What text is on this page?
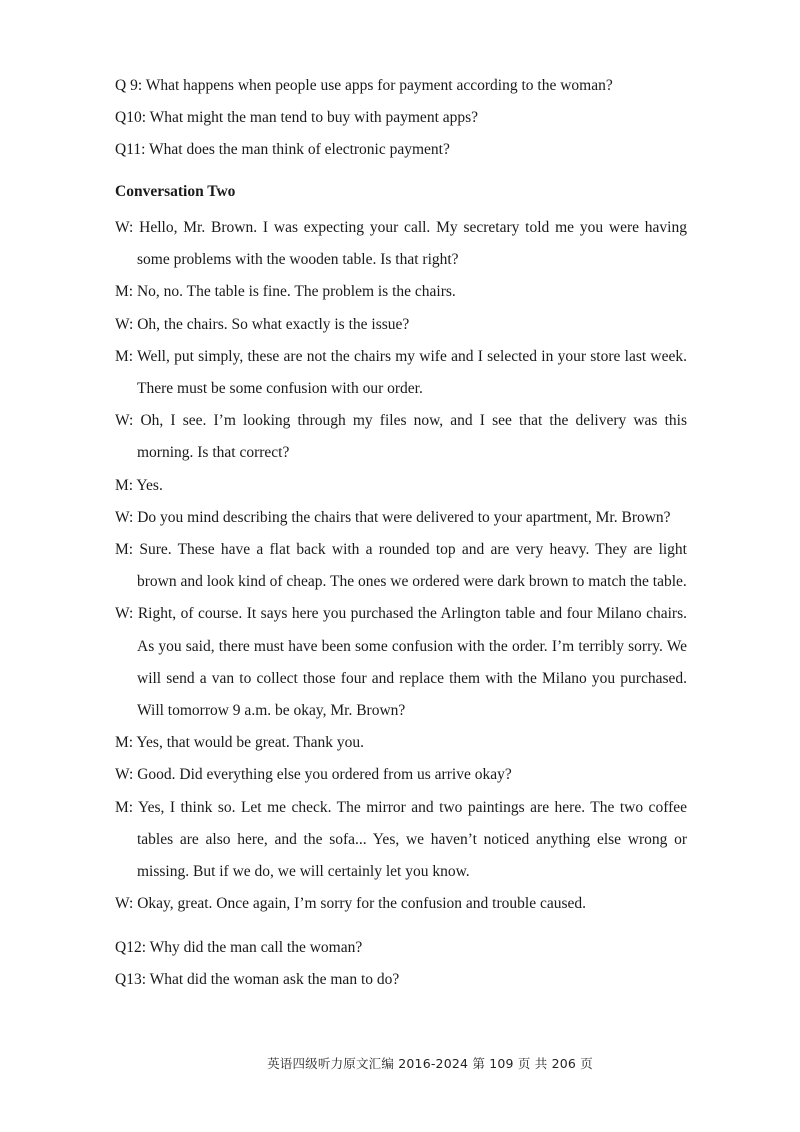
Q 9: What happens when people use apps for payment according to the woman?

Q10: What might the man tend to buy with payment apps?

Q11: What does the man think of electronic payment?

Conversation Two

W: Hello, Mr. Brown. I was expecting your call. My secretary told me you were having some problems with the wooden table. Is that right?

M: No, no. The table is fine. The problem is the chairs.

W: Oh, the chairs. So what exactly is the issue?

M: Well, put simply, these are not the chairs my wife and I selected in your store last week. There must be some confusion with our order.

W: Oh, I see. I’m looking through my files now, and I see that the delivery was this morning. Is that correct?

M: Yes.

W: Do you mind describing the chairs that were delivered to your apartment, Mr. Brown?

M: Sure. These have a flat back with a rounded top and are very heavy. They are light brown and look kind of cheap. The ones we ordered were dark brown to match the table.

W: Right, of course. It says here you purchased the Arlington table and four Milano chairs. As you said, there must have been some confusion with the order. I’m terribly sorry. We will send a van to collect those four and replace them with the Milano you purchased. Will tomorrow 9 a.m. be okay, Mr. Brown?

M: Yes, that would be great. Thank you.

W: Good. Did everything else you ordered from us arrive okay?

M: Yes, I think so. Let me check. The mirror and two paintings are here. The two coffee tables are also here, and the sofa... Yes, we haven’t noticed anything else wrong or missing. But if we do, we will certainly let you know.

W: Okay, great. Once again, I’m sorry for the confusion and trouble caused.

Q12: Why did the man call the woman?

Q13: What did the woman ask the man to do?

英语四级听力原文汇编 2016-2024 第 109 页 共 206 页
